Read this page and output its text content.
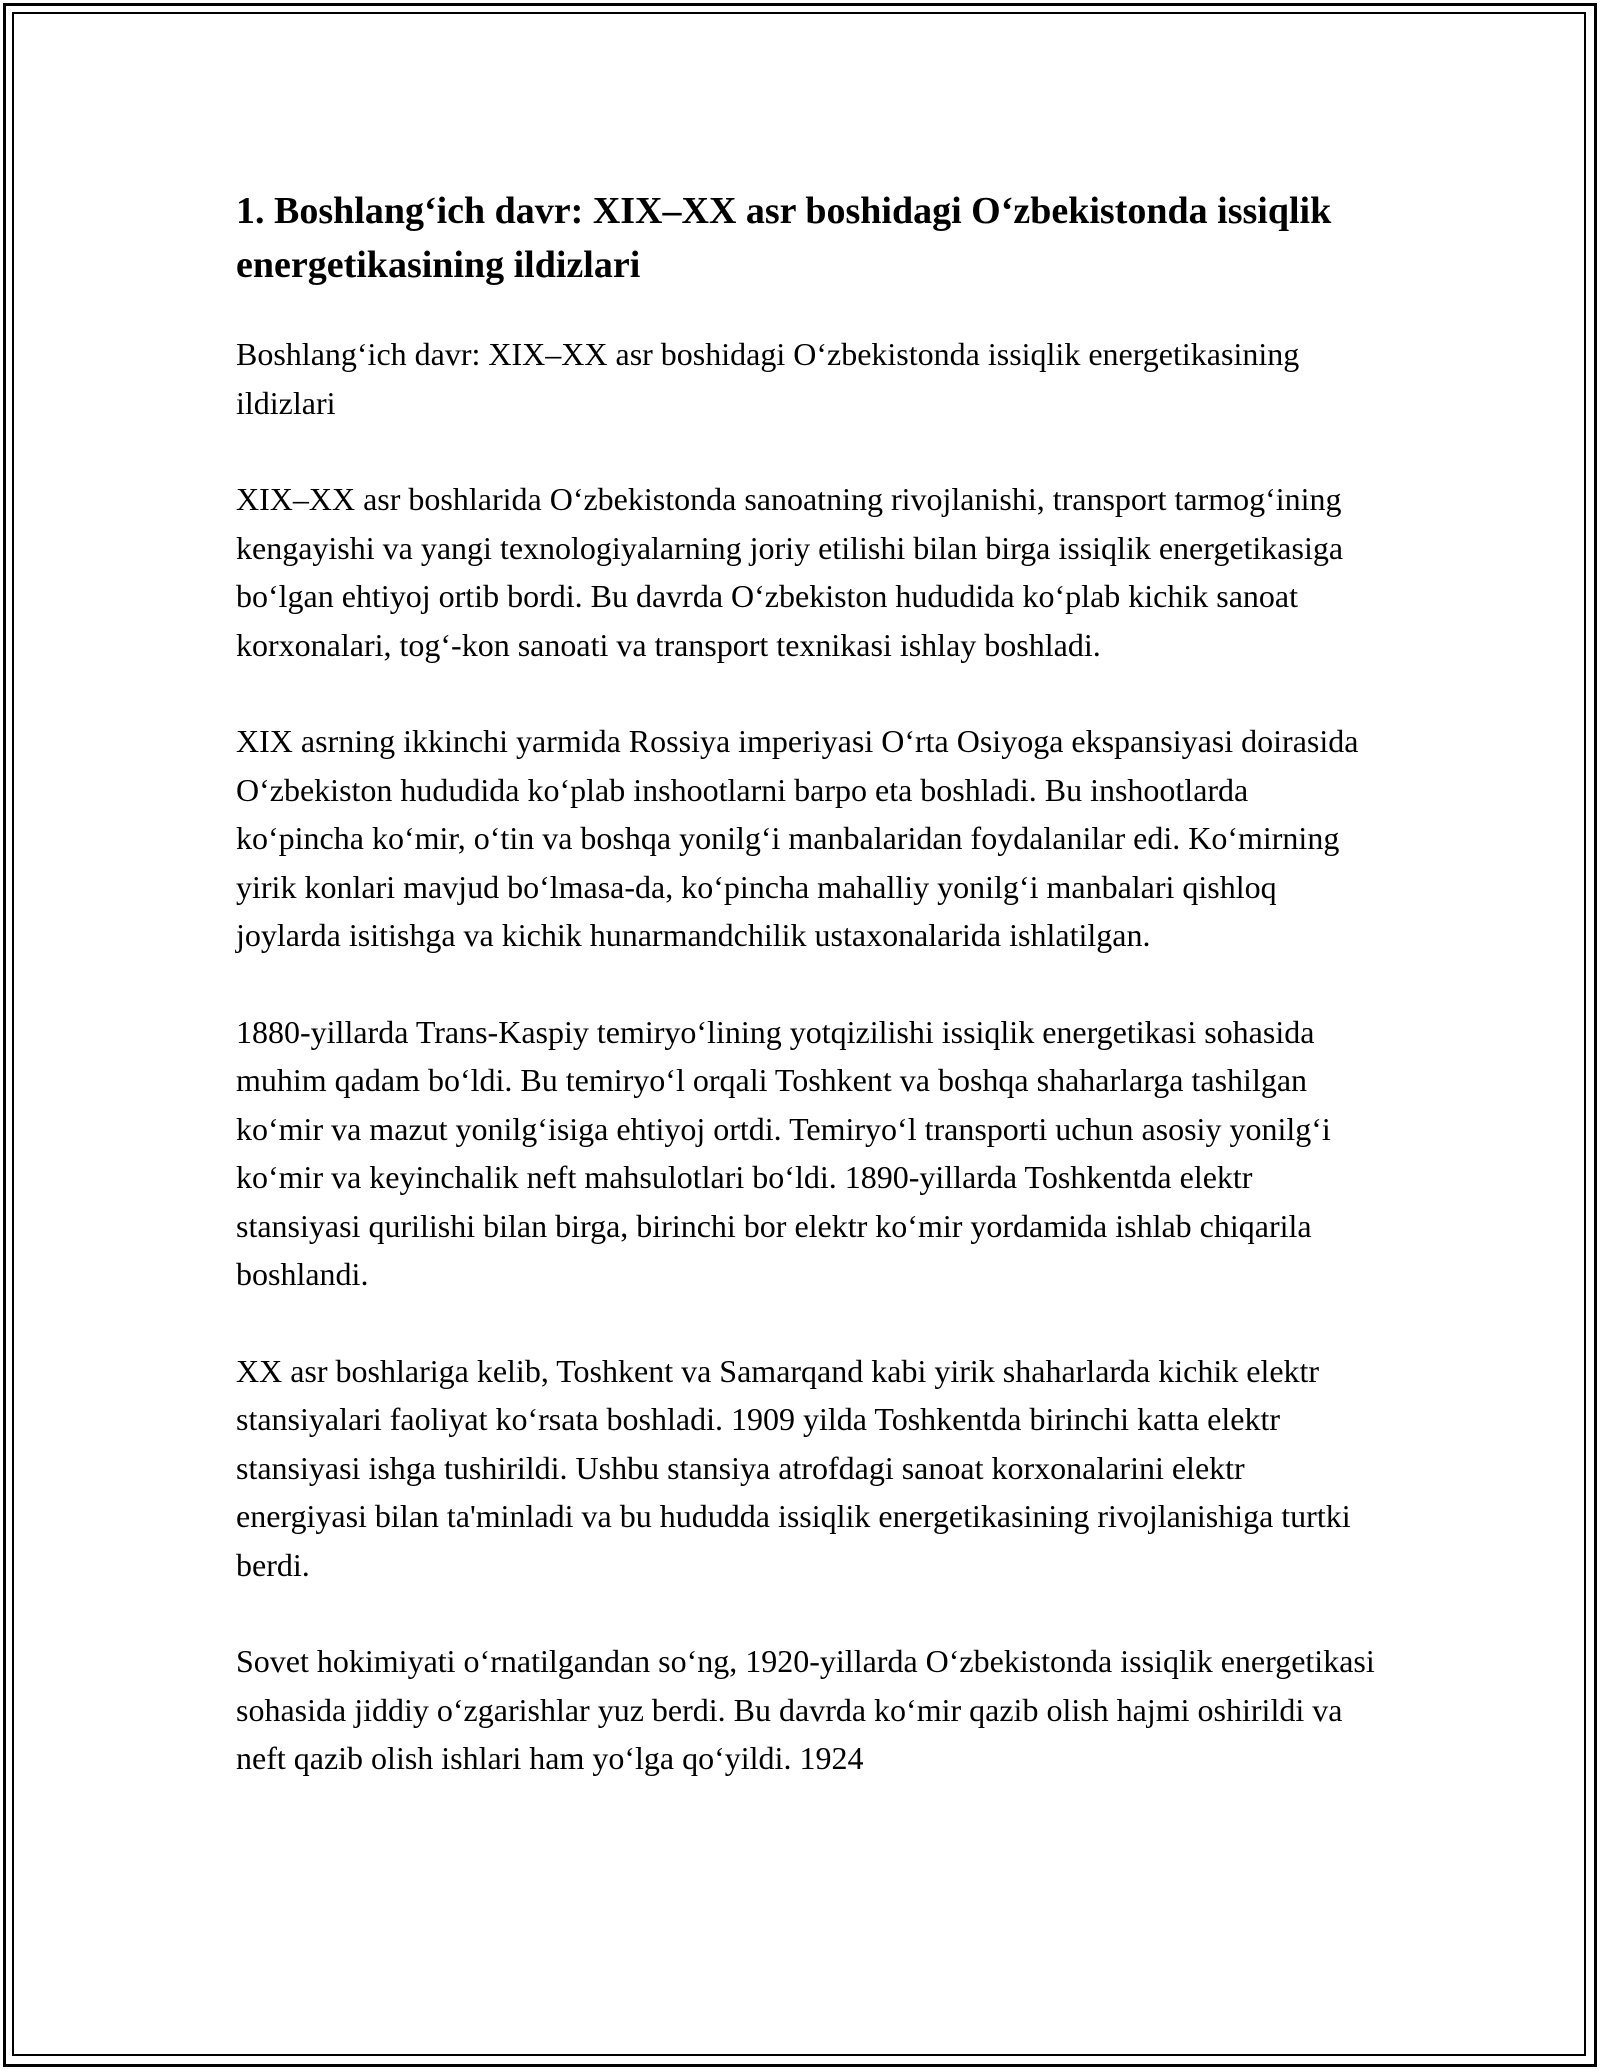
1. Boshlang‘ich davr: XIX–XX asr boshidagi O‘zbekistonda issiqlik energetikasining ildizlari

Boshlang‘ich davr: XIX–XX asr boshidagi O‘zbekistonda issiqlik energetikasining ildizlari

XIX–XX asr boshlarida O‘zbekistonda sanoatning rivojlanishi, transport tarmog‘ining kengayishi va yangi texnologiyalarning joriy etilishi bilan birga issiqlik energetikasiga bo‘lgan ehtiyoj ortib bordi. Bu davrda O‘zbekiston hududida ko‘plab kichik sanoat korxonalari, tog‘-kon sanoati va transport texnikasi ishlay boshladi.

XIX asrning ikkinchi yarmida Rossiya imperiyasi O‘rta Osiyoga ekspansiyasi doirasida O‘zbekiston hududida ko‘plab inshootlarni barpo eta boshladi. Bu inshootlarda ko‘pincha ko‘mir, o‘tin va boshqa yonilg‘i manbalaridan foydalanilar edi. Ko‘mirning yirik konlari mavjud bo‘lmasa-da, ko‘pincha mahalliy yonilg‘i manbalari qishloq joylarda isitishga va kichik hunarmandchilik ustaxonalarida ishlatilgan.

1880-yillarda Trans-Kaspiy temiryo‘lining yotqizilishi issiqlik energetikasi sohasida muhim qadam bo‘ldi. Bu temiryo‘l orqali Toshkent va boshqa shaharlarga tashilgan ko‘mir va mazut yonilg‘isiga ehtiyoj ortdi. Temiryo‘l transporti uchun asosiy yonilg‘i ko‘mir va keyinchalik neft mahsulotlari bo‘ldi. 1890-yillarda Toshkentda elektr stansiyasi qurilishi bilan birga, birinchi bor elektr ko‘mir yordamida ishlab chiqarila boshlandi.

XX asr boshlariga kelib, Toshkent va Samarqand kabi yirik shaharlarda kichik elektr stansiyalari faoliyat ko‘rsata boshladi. 1909 yilda Toshkentda birinchi katta elektr stansiyasi ishga tushirildi. Ushbu stansiya atrofdagi sanoat korxonalarini elektr energiyasi bilan ta'minladi va bu hududda issiqlik energetikasining rivojlanishiga turtki berdi.

Sovet hokimiyati o‘rnatilgandan so‘ng, 1920-yillarda O‘zbekistonda issiqlik energetikasi sohasida jiddiy o‘zgarishlar yuz berdi. Bu davrda ko‘mir qazib olish hajmi oshirildi va neft qazib olish ishlari ham yo‘lga qo‘yildi. 1924
